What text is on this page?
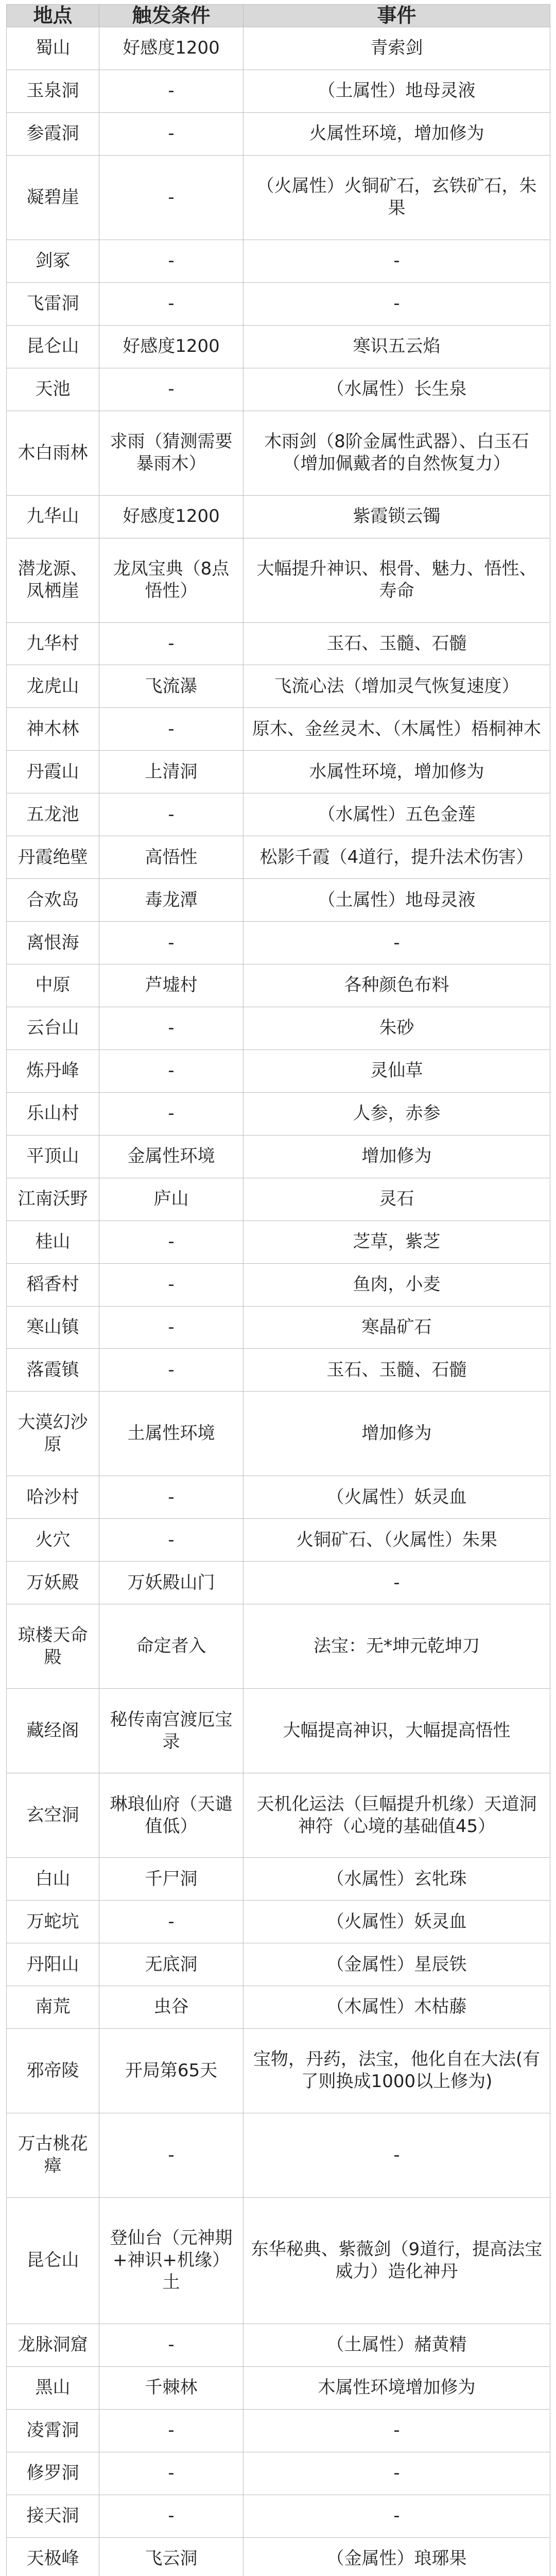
地点	触发条件	事件
蜀山	好感度1200	青索剑
玉泉洞	-	（土属性）地母灵液
参霞洞	-	火属性环境，增加修为
凝碧崖	-	（火属性）火铜矿石，玄铁矿石，朱果
剑冢	-	-
飞雷洞	-	-
昆仑山	好感度1200	寒识五云焰
天池	-	（水属性）长生泉
木白雨林	求雨（猜测需要暴雨木）	木雨剑（8阶金属性武器）、白玉石（增加佩戴者的自然恢复力）
九华山	好感度1200	紫霞锁云镯
潜龙源、凤栖崖	龙凤宝典（8点悟性）	大幅提升神识、根骨、魅力、悟性、寿命
九华村	-	玉石、玉髓、石髓
龙虎山	飞流瀑	飞流心法（增加灵气恢复速度）
神木林	-	原木、金丝灵木、（木属性）梧桐神木
丹霞山	上清洞	水属性环境，增加修为
五龙池	-	（水属性）五色金莲
丹霞绝壁	高悟性	松影千霞（4道行，提升法术伤害）
合欢岛	毒龙潭	（土属性）地母灵液
离恨海	-	-
中原	芦墟村	各种颜色布料
云台山	-	朱砂
炼丹峰	-	灵仙草
乐山村	-	人参，赤参
平顶山	金属性环境	增加修为
江南沃野	庐山	灵石
桂山	-	芝草，紫芝
稻香村	-	鱼肉，小麦
寒山镇	-	寒晶矿石
落霞镇	-	玉石、玉髓、石髓
大漠幻沙原	土属性环境	增加修为
哈沙村	-	（火属性）妖灵血
火穴	-	火铜矿石、（火属性）朱果
万妖殿	万妖殿山门	-
琼楼天命殿	命定者入	法宝：无*坤元乾坤刀
藏经阁	秘传南宫渡厄宝录	大幅提高神识，大幅提高悟性
玄空洞	琳琅仙府（天谴值低）	天机化运法（巨幅提升机缘）天道洞神符（心境的基础值45）
白山	千尸洞	（水属性）玄牝珠
万蛇坑	-	（火属性）妖灵血
丹阳山	无底洞	（金属性）星辰铁
南荒	虫谷	（木属性）木枯藤
邪帝陵	开局第65天	宝物，丹药，法宝，他化自在大法(有了则换成1000以上修为)
万古桃花瘴	-	-
昆仑山	登仙台（元神期+神识+机缘）土	东华秘典、紫薇剑（9道行，提高法宝威力）造化神丹
龙脉洞窟	-	（土属性）赭黄精
黑山	千棘林	木属性环境增加修为
凌霄洞	-	-
修罗洞	-	-
接天洞	-	-
天极峰	飞云洞	（金属性）琅琊果
